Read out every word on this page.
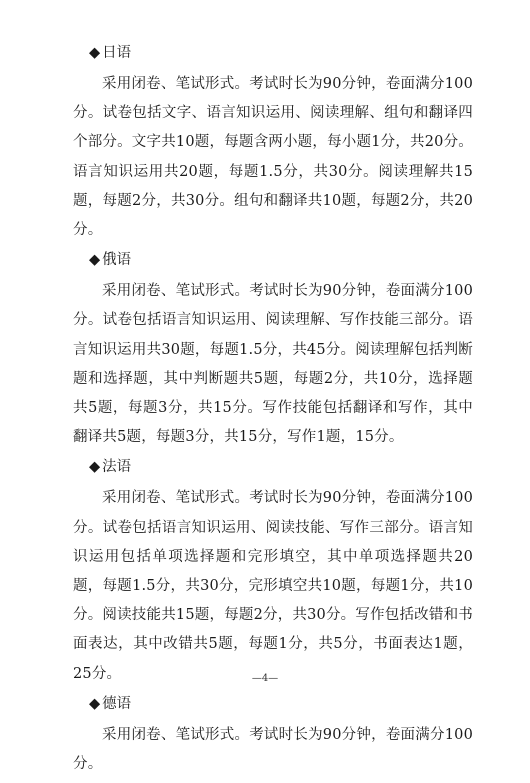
◆ 日语

采用闭卷、笔试形式。考试时长为90分钟，卷面满分100分。试卷包括文字、语言知识运用、阅读理解、组句和翻译四个部分。文字共10题，每题含两小题，每小题1分，共20分。语言知识运用共20题，每题1.5分，共30分。阅读理解共15题，每题2分，共30分。组句和翻译共10题，每题2分，共20分。

◆ 俄语

采用闭卷、笔试形式。考试时长为90分钟，卷面满分100分。试卷包括语言知识运用、阅读理解、写作技能三部分。语言知识运用共30题，每题1.5分，共45分。阅读理解包括判断题和选择题，其中判断题共5题，每题2分，共10分，选择题共5题，每题3分，共15分。写作技能包括翻译和写作，其中翻译共5题，每题3分，共15分，写作1题，15分。

◆ 法语

采用闭卷、笔试形式。考试时长为90分钟，卷面满分100分。试卷包括语言知识运用、阅读技能、写作三部分。语言知识运用包括单项选择题和完形填空，其中单项选择题共20题，每题1.5分，共30分，完形填空共10题，每题1分，共10分。阅读技能共15题，每题2分，共30分。写作包括改错和书面表达，其中改错共5题，每题1分，共5分，书面表达1题，25分。

◆ 德语

采用闭卷、笔试形式。考试时长为90分钟，卷面满分100分。

—4—
